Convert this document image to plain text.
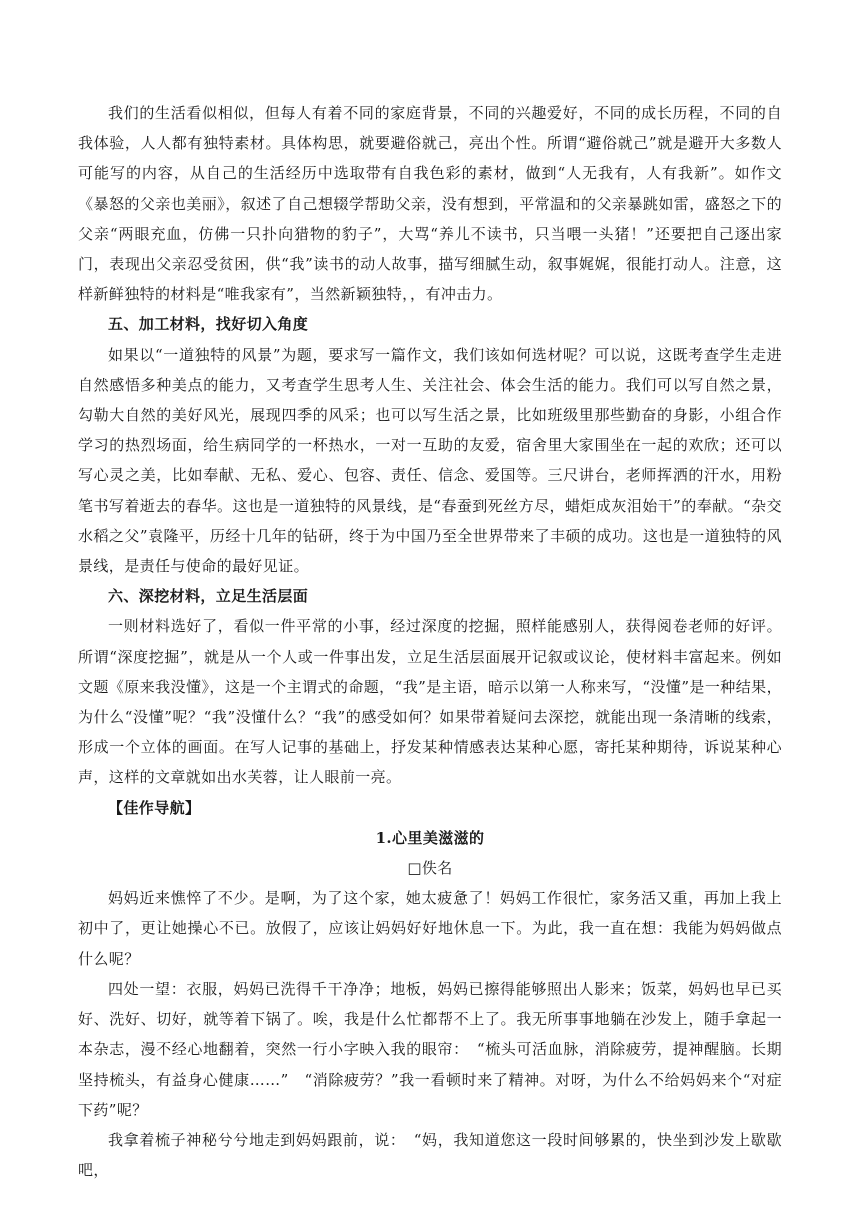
我们的生活看似相似，但每人有着不同的家庭背景，不同的兴趣爱好，不同的成长历程，不同的自我体验，人人都有独特素材。具体构思，就要避俗就己，亮出个性。所谓“避俗就己”就是避开大多数人可能写的内容，从自己的生活经历中选取带有自我色彩的素材，做到“人无我有，人有我新”。如作文《暴怒的父亲也美丽》，叙述了自己想辍学帮助父亲，没有想到，平常温和的父亲暴跳如雷，盛怒之下的父亲“两眼充血，仿佛一只扑向猎物的豹子”，大骂“养儿不读书，只当喂一头猪！”还要把自己逐出家门，表现出父亲忍受贫困，供“我”读书的动人故事，描写细腻生动，叙事娓娓，很能打动人。注意，这样新鲜独特的材料是“唯我家有”，当然新颖独特，，有冲击力。

五、加工材料，找好切入角度

如果以“一道独特的风景”为题，要求写一篇作文，我们该如何选材呢？可以说，这既考查学生走进自然感悟多种美点的能力，又考查学生思考人生、关注社会、体会生活的能力。我们可以写自然之景，勾勒大自然的美好风光，展现四季的风采；也可以写生活之景，比如班级里那些勤奋的身影，小组合作学习的热烈场面，给生病同学的一杯热水，一对一互助的友爱，宿舍里大家围坐在一起的欢欣；还可以写心灵之美，比如奉献、无私、爱心、包容、责任、信念、爱国等。三尺讲台，老师挥洒的汗水，用粉笔书写着逝去的春华。这也是一道独特的风景线，是“春蚕到死丝方尽，蜡炬成灰泪始干”的奉献。“杂交水稻之父”袁隆平，历经十几年的钻研，终于为中国乃至全世界带来了丰硕的成功。这也是一道独特的风景线，是责任与使命的最好见证。

六、深挖材料，立足生活层面

一则材料选好了，看似一件平常的小事，经过深度的挖掘，照样能感别人，获得阅卷老师的好评。所谓“深度挖掘”，就是从一个人或一件事出发，立足生活层面展开记叙或议论，使材料丰富起来。例如文题《原来我没懂》，这是一个主谓式的命题，“我”是主语，暗示以第一人称来写，“没懂”是一种结果，为什么“没懂”呢？“我”没懂什么？“我”的感受如何？如果带着疑问去深挖，就能出现一条清晰的线索，形成一个立体的画面。在写人记事的基础上，抒发某种情感表达某种心愿，寄托某种期待，诉说某种心声，这样的文章就如出水芙蓉，让人眼前一亮。

【佳作导航】

1.心里美滋滋的

□佚名

妈妈近来憔悴了不少。是啊，为了这个家，她太疲惫了！妈妈工作很忙，家务活又重，再加上我上初中了，更让她操心不已。放假了，应该让妈妈好好地休息一下。为此，我一直在想：我能为妈妈做点什么呢？

四处一望：衣服，妈妈已洗得千干净净；地板，妈妈已擦得能够照出人影来；饭菜，妈妈也早已买好、洗好、切好，就等着下锅了。唉，我是什么忙都帮不上了。我无所事事地躺在沙发上，随手拿起一本杂志，漫不经心地翻着，突然一行小字映入我的眼帘：　“梳头可活血脉，消除疲劳，提神醒脑。长期坚持梳头，有益身心健康……”　“消除疲劳？”我一看顿时来了精神。对呀，为什么不给妈妈来个“对症下药”呢？

我拿着梳子神秘兮兮地走到妈妈跟前，说：　“妈，我知道您这一段时间够累的，快坐到沙发上歇歇吧，
